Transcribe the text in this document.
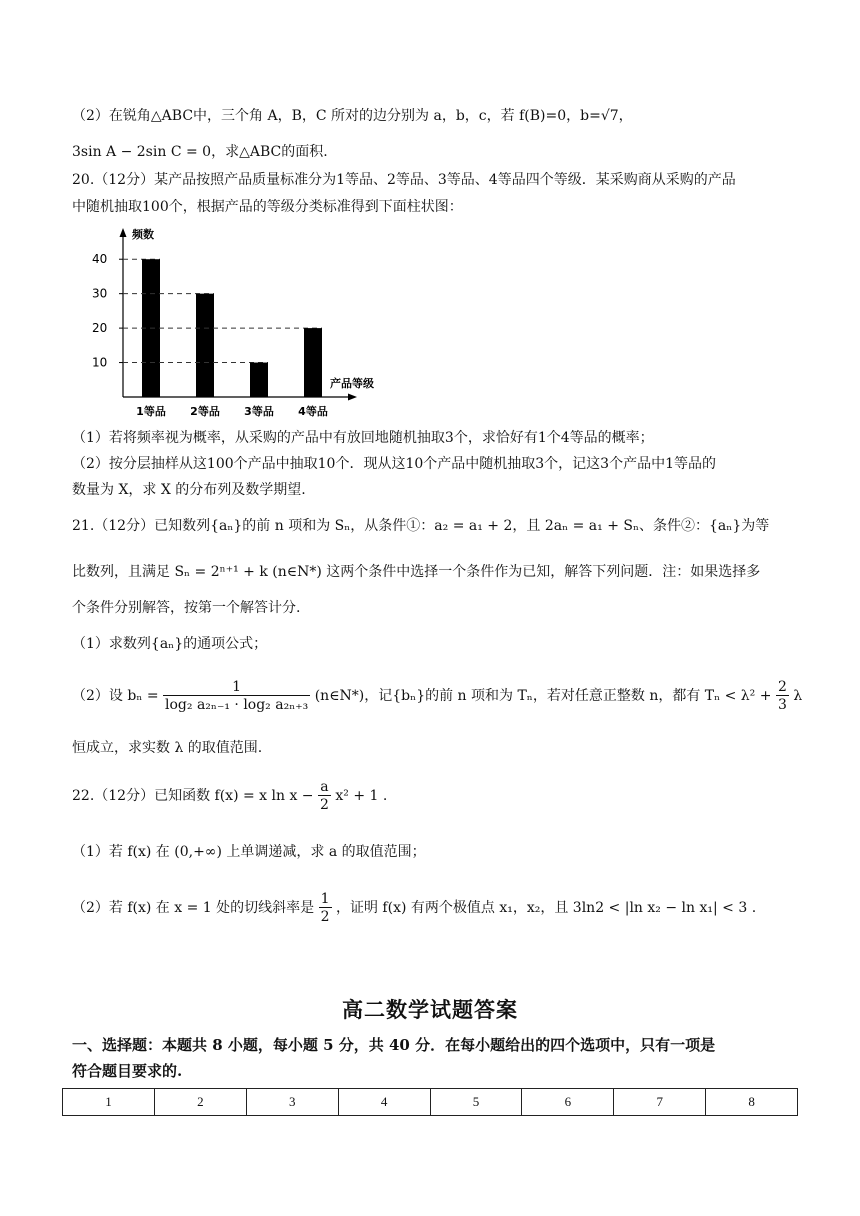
（2）在锐角△ABC中，三个角 A，B，C 所对的边分别为 a，b，c，若 f(B)=0，b=√7，
3sin A − 2sin C = 0，求△ABC的面积.
20.（12分）某产品按照产品质量标准分为1等品、2等品、3等品、4等品四个等级．某采购商从采购的产品
中随机抽取100个，根据产品的等级分类标准得到下面柱状图：
频数
产品等级
10
20
30
40
1等品 2等品 3等品 4等品
（1）若将频率视为概率，从采购的产品中有放回地随机抽取3个，求恰好有1个4等品的概率；
（2）按分层抽样从这100个产品中抽取10个．现从这10个产品中随机抽取3个，记这3个产品中1等品的
数量为 X，求 X 的分布列及数学期望.
21.（12分）已知数列{aₙ}的前 n 项和为 Sₙ，从条件①：a₂ = a₁ + 2，且 2aₙ = a₁ + Sₙ、条件②：{aₙ}为等
比数列，且满足 Sₙ = 2ⁿ⁺¹ + k (n∈N*) 这两个条件中选择一个条件作为已知，解答下列问题．注：如果选择多
个条件分别解答，按第一个解答计分.
（1）求数列{aₙ}的通项公式；
（2）设 $b_n = \frac{1}{\text{log₂ a₂ₙ₋₁ · log₂ a₂ₙ₊₃}}$ (n∈N*)，记{bₙ}的前 n 项和为 Tₙ，若对任意正整数 n，都有 $T_n < \lambda^2 + \frac{2}{3}$ λ
恒成立，求实数 λ 的取值范围.
22.（12分）已知函数 f(x) = x $\ln x - \frac{a}{2} x^2 + 1$ .
（1）若 f(x) 在 (0,+∞) 上单调递减，求 a 的取值范围；
（2）若 f(x) 在 x = 1 处的切线斜率是 $\frac{1}{2}$ ，证明 f(x) 有两个极值点 x₁，x₂，且 3ln2 < |ln x₂ − ln x₁| < 3 .
高二数学试题答案
一、选择题：本题共 8 小题，每小题 5 分，共 40 分．在每小题给出的四个选项中，只有一项是
符合题目要求的.
1	2	3	4	5	6	7	8
